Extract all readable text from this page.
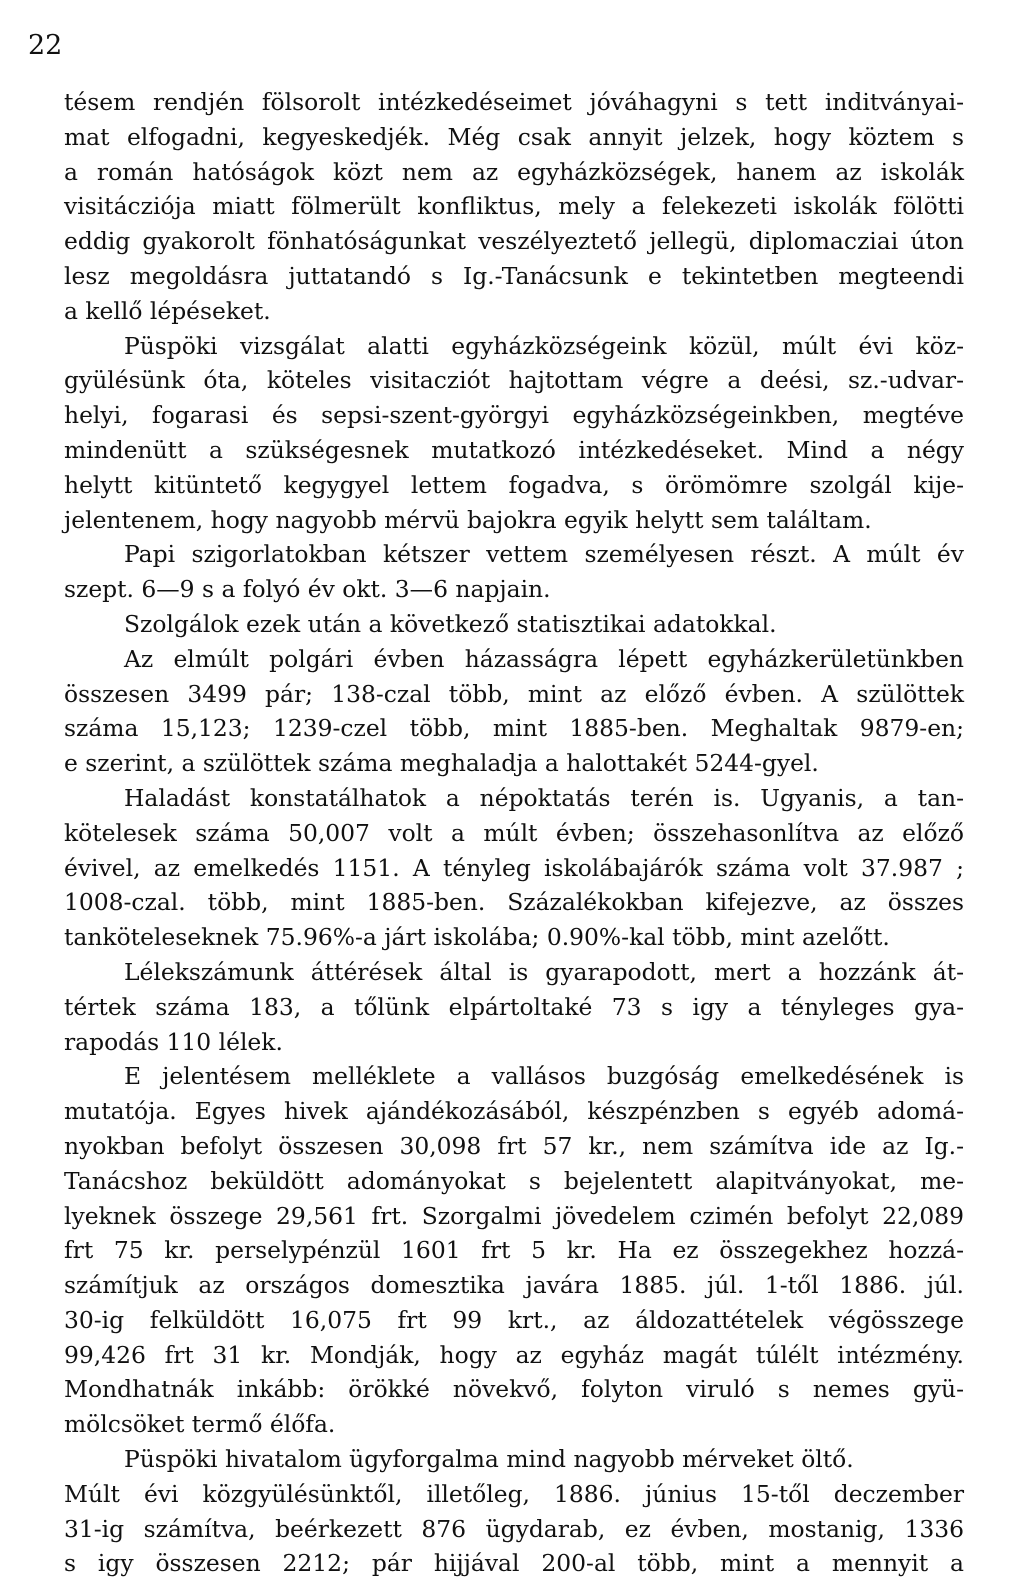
22
tésem rendjén fölsorolt intézkedéseimet jóváhagyni s tett inditványai-
mat elfogadni, kegyeskedjék. Még csak annyit jelzek, hogy köztem s
a román hatóságok közt nem az egyházközségek, hanem az iskolák
visitácziója miatt fölmerült konfliktus, mely a felekezeti iskolák fölötti
eddig gyakorolt fönhatóságunkat veszélyeztető jellegü, diplomacziai úton
lesz megoldásra juttatandó s Ig.-Tanácsunk e tekintetben megteendi
a kellő lépéseket.
Püspöki vizsgálat alatti egyházközségeink közül, múlt évi köz-
gyülésünk óta, köteles visitacziót hajtottam végre a deési, sz.-udvar-
helyi, fogarasi és sepsi-szent-györgyi egyházközségeinkben, megtéve
mindenütt a szükségesnek mutatkozó intézkedéseket. Mind a négy
helytt kitüntető kegygyel lettem fogadva, s örömömre szolgál kije-
jelentenem, hogy nagyobb mérvü bajokra egyik helytt sem találtam.
Papi szigorlatokban kétszer vettem személyesen részt. A múlt év
szept. 6—9 s a folyó év okt. 3—6 napjain.
Szolgálok ezek után a következő statisztikai adatokkal.
Az elmúlt polgári évben házasságra lépett egyházkerületünkben
összesen 3499 pár; 138-czal több, mint az előző évben. A szülöttek
száma 15,123; 1239-czel több, mint 1885-ben. Meghaltak 9879-en;
e szerint, a szülöttek száma meghaladja a halottakét 5244-gyel.
Haladást konstatálhatok a népoktatás terén is. Ugyanis, a tan-
kötelesek száma 50,007 volt a múlt évben; összehasonlítva az előző
évivel, az emelkedés 1151. A tényleg iskolábajárók száma volt 37.987 ;
1008-czal. több, mint 1885-ben. Százalékokban kifejezve, az összes
tanköteleseknek 75.96%-a járt iskolába; 0.90%-kal több, mint azelőtt.
Lélekszámunk áttérések által is gyarapodott, mert a hozzánk át-
tértek száma 183, a tőlünk elpártoltaké 73 s igy a tényleges gya-
rapodás 110 lélek.
E jelentésem melléklete a vallásos buzgóság emelkedésének is
mutatója. Egyes hivek ajándékozásából, készpénzben s egyéb adomá-
nyokban befolyt összesen 30,098 frt 57 kr., nem számítva ide az Ig.-
Tanácshoz beküldött adományokat s bejelentett alapitványokat, me-
lyeknek összege 29,561 frt. Szorgalmi jövedelem czimén befolyt 22,089
frt 75 kr. perselypénzül 1601 frt 5 kr. Ha ez összegekhez hozzá-
számítjuk az országos domesztika javára 1885. júl. 1-től 1886. júl.
30-ig felküldött 16,075 frt 99 krt., az áldozattételek végösszege
99,426 frt 31 kr. Mondják, hogy az egyház magát túlélt intézmény.
Mondhatnák inkább: örökké növekvő, folyton viruló s nemes gyü-
mölcsöket termő élőfa.
Püspöki hivatalom ügyforgalma mind nagyobb mérveket öltő.
Múlt évi közgyülésünktől, illetőleg, 1886. június 15-től deczember
31-ig számítva, beérkezett 876 ügydarab, ez évben, mostanig, 1336
s igy összesen 2212; pár hijjával 200-al több, mint a mennyit a
